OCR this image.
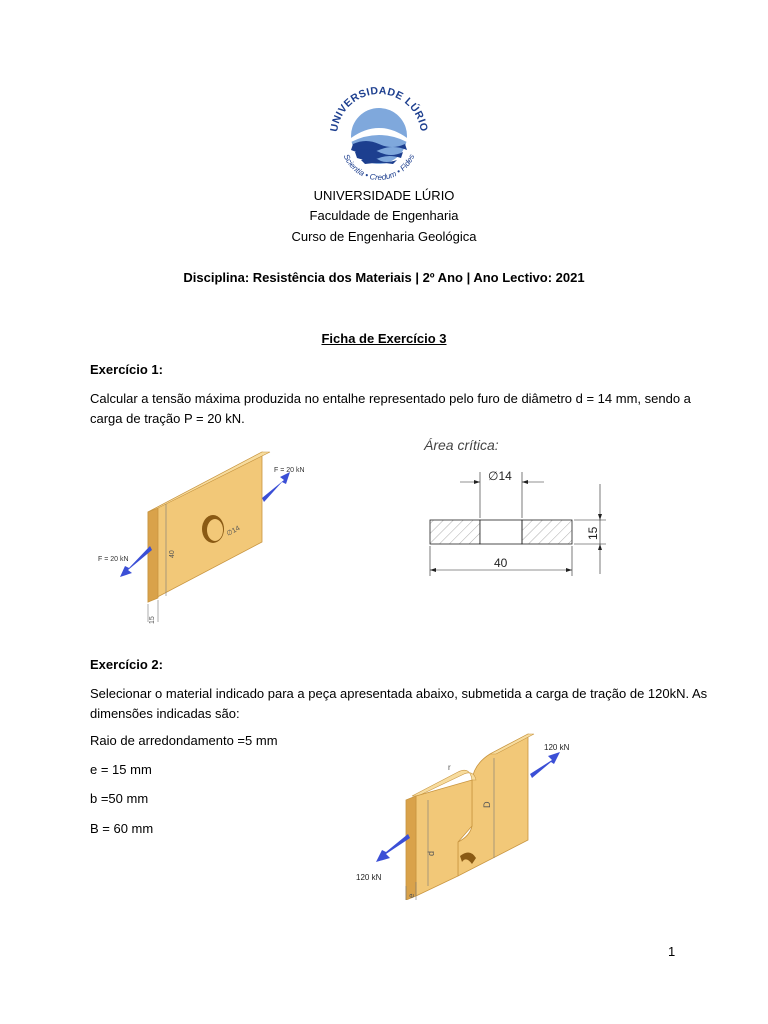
UNIVERSIDADE LÚRIO
Scientia • Credum • Fides
UNIVERSIDADE LÚRIO
Faculdade de Engenharia
Curso de Engenharia Geológica
Disciplina: Resistência dos Materiais | 2º Ano | Ano Lectivo: 2021
Ficha de Exercício 3
Exercício 1:
Calcular a tensão máxima produzida no entalhe representado pelo furo de diâmetro d = 14 mm, sendo a
carga de tração P = 20 kN.
F = 20 kN
F = 20 kN
40
15
∅14
Área crítica:
∅14
40
15
Exercício 2:
Selecionar o material indicado para a peça apresentada abaixo, submetida a carga de tração de 120kN. As
dimensões indicadas são:
Raio de arredondamento =5 mm
e = 15 mm
b =50 mm
B = 60 mm
120 kN
120 kN
r
D
d
e
1
